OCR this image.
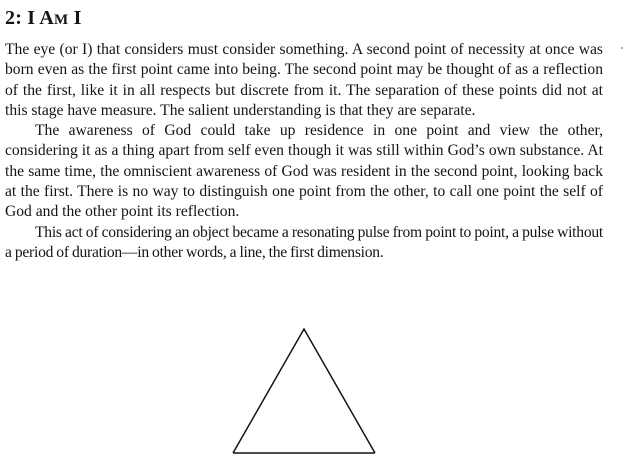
2: I AM I

The eye (or I) that considers must consider something. A second point of necessity at once was born even as the first point came into being. The second point may be thought of as a reflection of the first, like it in all respects but discrete from it. The separation of these points did not at this stage have measure. The salient understanding is that they are separate.

The awareness of God could take up residence in one point and view the other, considering it as a thing apart from self even though it was still within God’s own substance. At the same time, the omniscient awareness of God was resident in the second point, looking back at the first. There is no way to distinguish one point from the other, to call one point the self of God and the other point its reflection.

This act of considering an object became a resonating pulse from point to point, a pulse without a period of duration—in other words, a line, the first dimension.
